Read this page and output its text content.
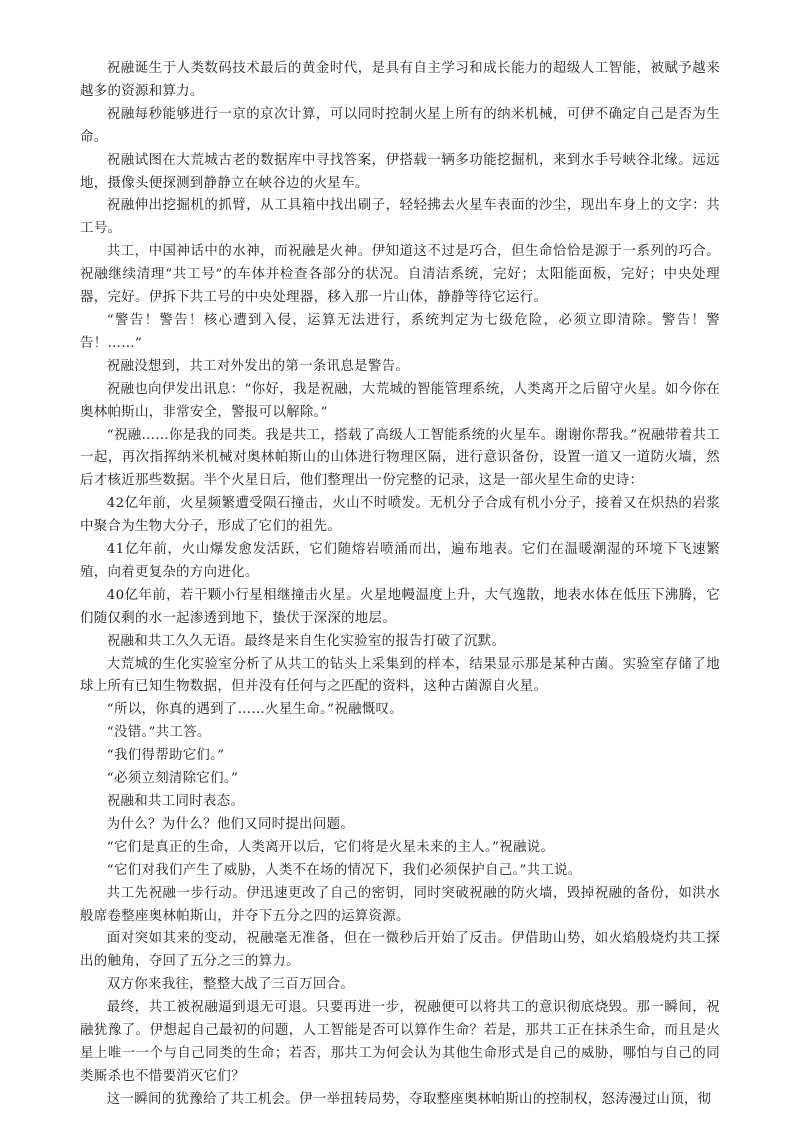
祝融诞生于人类数码技术最后的黄金时代，是具有自主学习和成长能力的超级人工智能，被赋予越来越多的资源和算力。

祝融每秒能够进行一京的京次计算，可以同时控制火星上所有的纳米机械，可伊不确定自己是否为生命。

祝融试图在大荒城古老的数据库中寻找答案，伊搭载一辆多功能挖掘机，来到水手号峡谷北缘。远远地，摄像头便探测到静静立在峡谷边的火星车。

祝融伸出挖掘机的抓臂，从工具箱中找出刷子，轻轻拂去火星车表面的沙尘，现出车身上的文字：共工号。

共工，中国神话中的水神，而祝融是火神。伊知道这不过是巧合，但生命恰恰是源于一系列的巧合。祝融继续清理“共工号”的车体并检查各部分的状况。自清洁系统，完好；太阳能面板，完好；中央处理器，完好。伊拆下共工号的中央处理器，移入那一片山体，静静等待它运行。

“警告！警告！核心遭到入侵，运算无法进行，系统判定为七级危险，必须立即清除。警告！警告！……”

祝融没想到，共工对外发出的第一条讯息是警告。

祝融也向伊发出讯息：“你好，我是祝融，大荒城的智能管理系统，人类离开之后留守火星。如今你在奥林帕斯山，非常安全，警报可以解除。”

“祝融……你是我的同类。我是共工，搭载了高级人工智能系统的火星车。谢谢你帮我。”祝融带着共工一起，再次指挥纳米机械对奥林帕斯山的山体进行物理区隔，进行意识备份，设置一道又一道防火墙，然后才核近那些数据。半个火星日后，他们整理出一份完整的记录，这是一部火星生命的史诗：

42亿年前，火星频繁遭受陨石撞击，火山不时喷发。无机分子合成有机小分子，接着又在炽热的岩浆中聚合为生物大分子，形成了它们的祖先。

41亿年前，火山爆发愈发活跃，它们随熔岩喷涌而出，遍布地表。它们在温暖潮湿的环境下飞速繁殖，向着更复杂的方向进化。

40亿年前，若干颗小行星相继撞击火星。火星地幔温度上升，大气逸散，地表水体在低压下沸腾，它们随仅剩的水一起渗透到地下，蛰伏于深深的地层。

祝融和共工久久无语。最终是来自生化实验室的报告打破了沉默。

大荒城的生化实验室分析了从共工的钻头上采集到的样本，结果显示那是某种古菌。实验室存储了地球上所有已知生物数据，但并没有任何与之匹配的资料，这种古菌源自火星。

“所以，你真的遇到了……火星生命。”祝融慨叹。

“没错。”共工答。

“我们得帮助它们。”

“必须立刻清除它们。”

祝融和共工同时表态。

为什么？为什么？他们又同时提出问题。

“它们是真正的生命，人类离开以后，它们将是火星未来的主人。”祝融说。

“它们对我们产生了威胁，人类不在场的情况下，我们必须保护自己。”共工说。

共工先祝融一步行动。伊迅速更改了自己的密钥，同时突破祝融的防火墙，毁掉祝融的备份，如洪水般席卷整座奥林帕斯山，并夺下五分之四的运算资源。

面对突如其来的变动，祝融毫无准备，但在一微秒后开始了反击。伊借助山势，如火焰般烧灼共工探出的触角，夺回了五分之三的算力。

双方你来我往，整整大战了三百万回合。

最终，共工被祝融逼到退无可退。只要再进一步，祝融便可以将共工的意识彻底烧毁。那一瞬间，祝融犹豫了。伊想起自己最初的问题，人工智能是否可以算作生命？若是，那共工正在抹杀生命，而且是火星上唯一一个与自己同类的生命；若否，那共工为何会认为其他生命形式是自己的威胁，哪怕与自己的同类厮杀也不惜要消灭它们？

这一瞬间的犹豫给了共工机会。伊一举扭转局势，夺取整座奥林帕斯山的控制权，怒涛漫过山顶，彻
